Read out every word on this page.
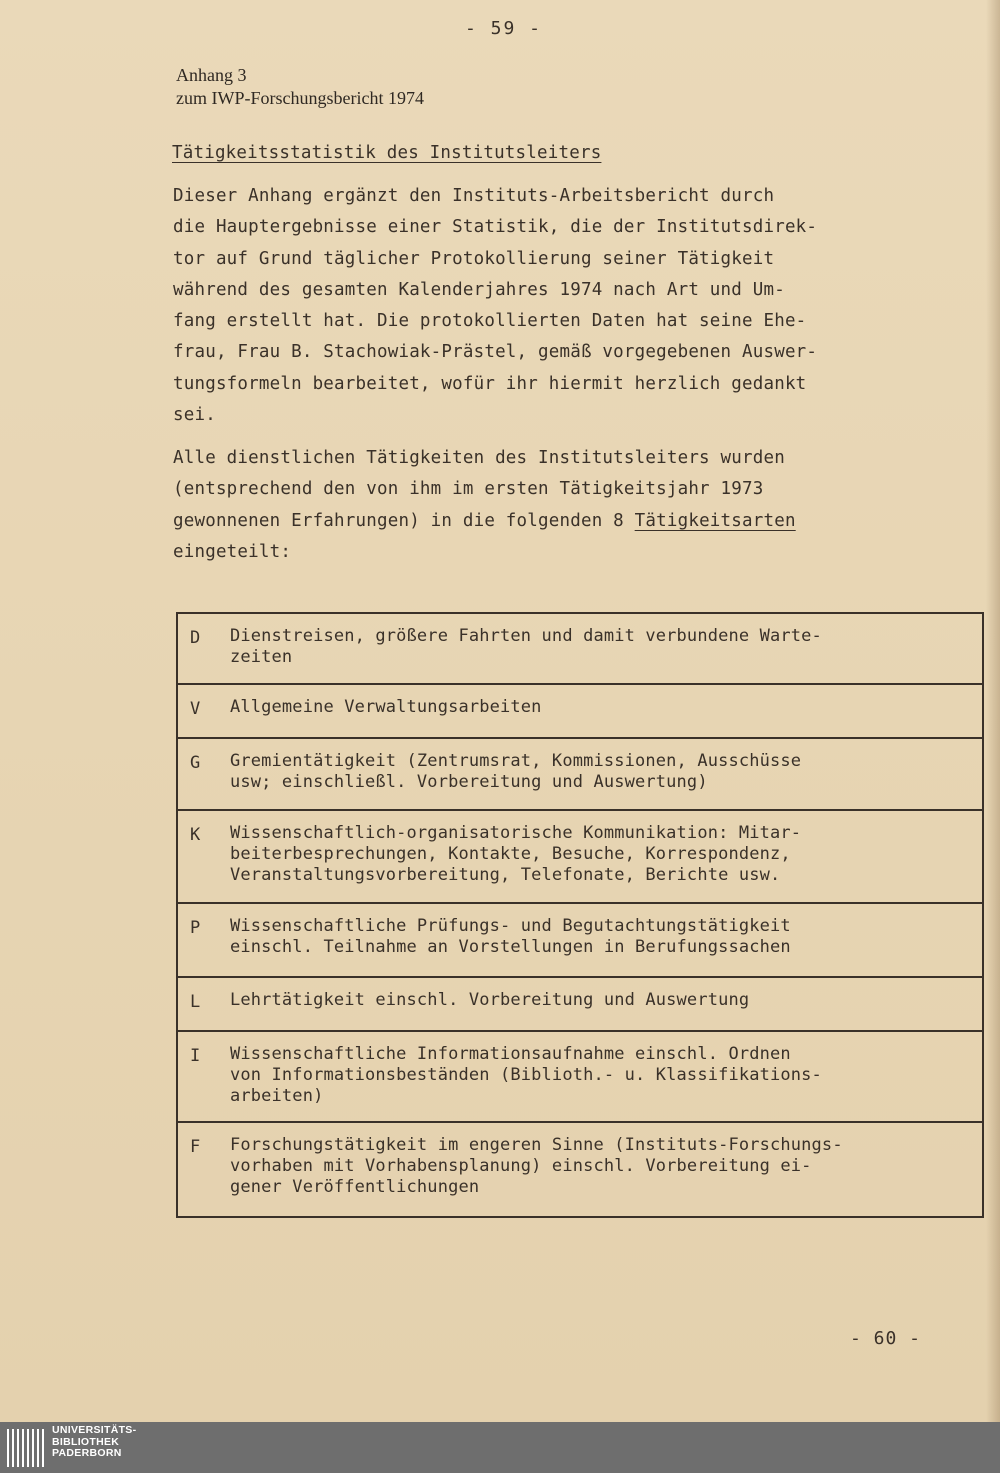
- 59 -
Anhang 3
zum IWP-Forschungsbericht 1974
Tätigkeitsstatistik des Institutsleiters
Dieser Anhang ergänzt den Instituts-Arbeitsbericht durch
die Hauptergebnisse einer Statistik, die der Institutsdirek-
tor auf Grund täglicher Protokollierung seiner Tätigkeit
während des gesamten Kalenderjahres 1974 nach Art und Um-
fang erstellt hat. Die protokollierten Daten hat seine Ehe-
frau, Frau B. Stachowiak-Prästel, gemäß vorgegebenen Auswer-
tungsformeln bearbeitet, wofür ihr hiermit herzlich gedankt
sei.
Alle dienstlichen Tätigkeiten des Institutsleiters wurden
(entsprechend den von ihm im ersten Tätigkeitsjahr 1973
gewonnenen Erfahrungen) in die folgenden 8 Tätigkeitsarten
eingeteilt:
D	Dienstreisen, größere Fahrten und damit verbundene Warte-
zeiten
V	Allgemeine Verwaltungsarbeiten
G	Gremientätigkeit (Zentrumsrat, Kommissionen, Ausschüsse
usw; einschließl. Vorbereitung und Auswertung)
K	Wissenschaftlich-organisatorische Kommunikation: Mitar-
beiterbesprechungen, Kontakte, Besuche, Korrespondenz,
Veranstaltungsvorbereitung, Telefonate, Berichte usw.
P	Wissenschaftliche Prüfungs- und Begutachtungstätigkeit
einschl. Teilnahme an Vorstellungen in Berufungssachen
L	Lehrtätigkeit einschl. Vorbereitung und Auswertung
I	Wissenschaftliche Informationsaufnahme einschl. Ordnen
von Informationsbeständen (Biblioth.- u. Klassifikations-
arbeiten)
F	Forschungstätigkeit im engeren Sinne (Instituts-Forschungs-
vorhaben mit Vorhabensplanung) einschl. Vorbereitung ei-
gener Veröffentlichungen
- 60 -
UNIVERSITÄTS-
BIBLIOTHEK
PADERBORN
